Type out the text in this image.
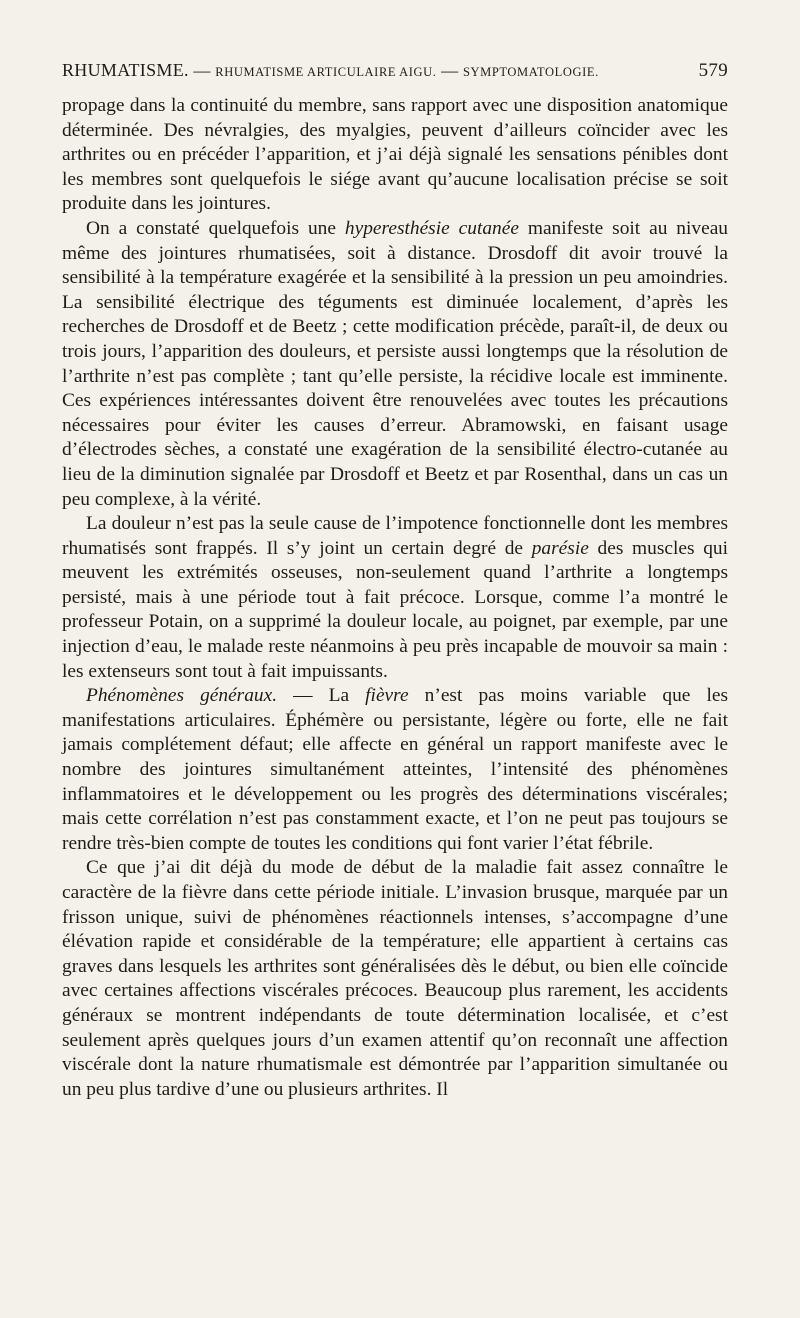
RHUMATISME. — RHUMATISME ARTICULAIRE AIGU. — SYMPTOMATOLOGIE.	579

propage dans la continuité du membre, sans rapport avec une disposition anatomique déterminée. Des névralgies, des myalgies, peuvent d’ailleurs coïncider avec les arthrites ou en précéder l’apparition, et j’ai déjà signalé les sensations pénibles dont les membres sont quelquefois le siége avant qu’aucune localisation précise se soit produite dans les jointures.

On a constaté quelquefois une hyperesthésie cutanée manifeste soit au niveau même des jointures rhumatisées, soit à distance. Drosdoff dit avoir trouvé la sensibilité à la température exagérée et la sensibilité à la pression un peu amoindries. La sensibilité électrique des téguments est diminuée localement, d’après les recherches de Drosdoff et de Beetz ; cette modification précède, paraît-il, de deux ou trois jours, l’apparition des douleurs, et persiste aussi longtemps que la résolution de l’arthrite n’est pas complète ; tant qu’elle persiste, la récidive locale est imminente. Ces expériences intéressantes doivent être renouvelées avec toutes les précautions nécessaires pour éviter les causes d’erreur. Abramowski, en faisant usage d’électrodes sèches, a constaté une exagération de la sensibilité électro-cutanée au lieu de la diminution signalée par Drosdoff et Beetz et par Rosenthal, dans un cas un peu complexe, à la vérité.

La douleur n’est pas la seule cause de l’impotence fonctionnelle dont les membres rhumatisés sont frappés. Il s’y joint un certain degré de parésie des muscles qui meuvent les extrémités osseuses, non-seulement quand l’arthrite a longtemps persisté, mais à une période tout à fait précoce. Lorsque, comme l’a montré le professeur Potain, on a supprimé la douleur locale, au poignet, par exemple, par une injection d’eau, le malade reste néanmoins à peu près incapable de mouvoir sa main : les extenseurs sont tout à fait impuissants.

Phénomènes généraux. — La fièvre n’est pas moins variable que les manifestations articulaires. Éphémère ou persistante, légère ou forte, elle ne fait jamais complétement défaut; elle affecte en général un rapport manifeste avec le nombre des jointures simultanément atteintes, l’intensité des phénomènes inflammatoires et le développement ou les progrès des déterminations viscérales; mais cette corrélation n’est pas constamment exacte, et l’on ne peut pas toujours se rendre très-bien compte de toutes les conditions qui font varier l’état fébrile.

Ce que j’ai dit déjà du mode de début de la maladie fait assez connaître le caractère de la fièvre dans cette période initiale. L’invasion brusque, marquée par un frisson unique, suivi de phénomènes réactionnels intenses, s’accompagne d’une élévation rapide et considérable de la température; elle appartient à certains cas graves dans lesquels les arthrites sont généralisées dès le début, ou bien elle coïncide avec certaines affections viscérales précoces. Beaucoup plus rarement, les accidents généraux se montrent indépendants de toute détermination localisée, et c’est seulement après quelques jours d’un examen attentif qu’on reconnaît une affection viscérale dont la nature rhumatismale est démontrée par l’apparition simultanée ou un peu plus tardive d’une ou plusieurs arthrites. Il
